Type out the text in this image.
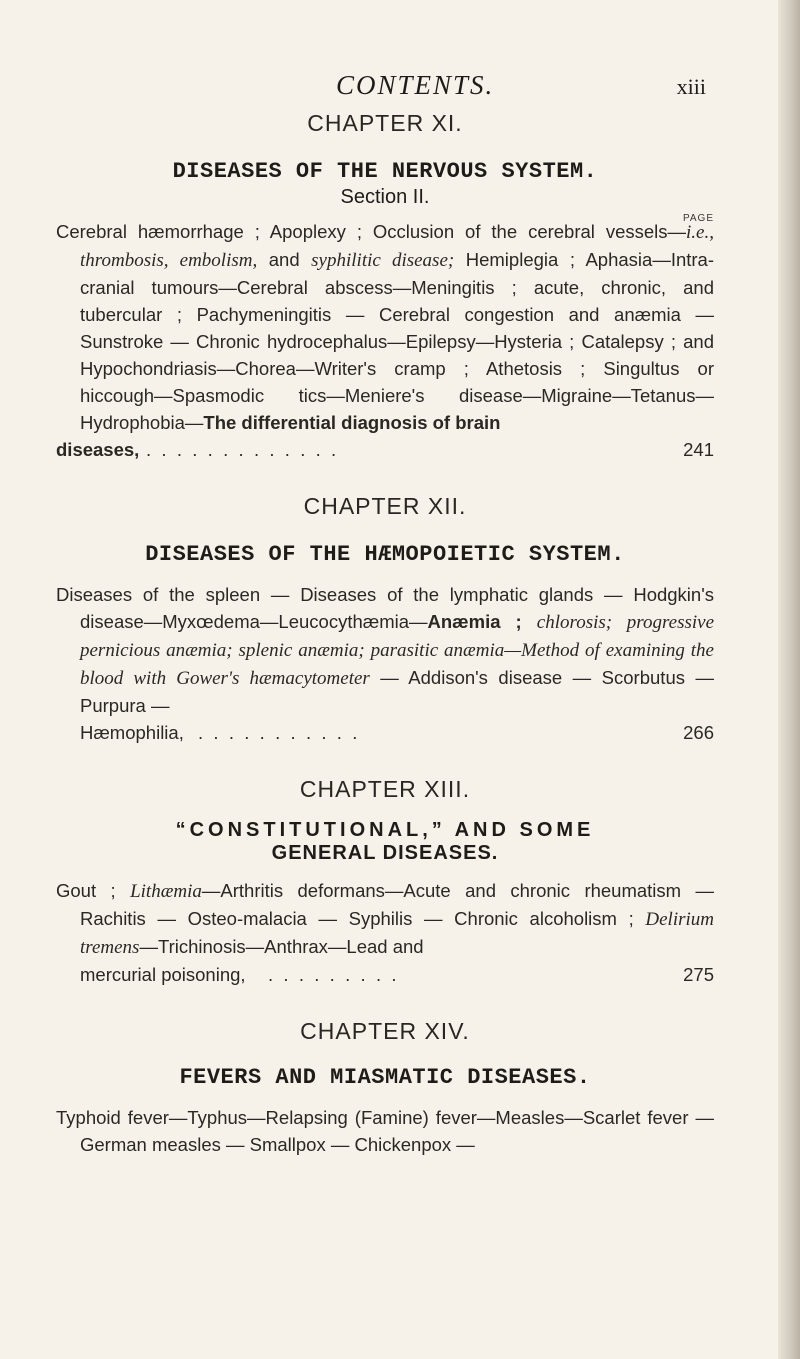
CONTENTS.	xiii

CHAPTER XI.

DISEASES OF THE NERVOUS SYSTEM.

Section II.

PAGE

Cerebral hæmorrhage ; Apoplexy ; Occlusion of the cerebral vessels—i.e., thrombosis, embolism, and syphilitic disease; Hemiplegia ; Aphasia—Intra-cranial tumours—Cerebral abscess—Meningitis ; acute, chronic, and tubercular ; Pachymeningitis — Cerebral congestion and anæmia — Sunstroke — Chronic hydrocephalus—Epilepsy—Hysteria ; Catalepsy ; and Hypochondriasis—Chorea—Writer's cramp ; Athetosis ; Singultus or hiccough—Spasmodic tics—Meniere's disease—Migraine—Tetanus—Hydrophobia—The differential diagnosis of brain

diseases, .  .  .  .  .  .  .  .  .  .  .  .  .	241

CHAPTER XII.

DISEASES OF THE HÆMOPOIETIC SYSTEM.

Diseases of the spleen — Diseases of the lymphatic glands — Hodgkin's disease—Myxœdema—Leucocythæmia—Anæmia ; chlorosis; progressive pernicious anæmia; splenic anæmia; parasitic anæmia—Method of examining the blood with Gower's hæmacytometer — Addison's disease — Scorbutus — Purpura —

Hæmophilia, .  .  .  .  .  .  .  .  .  .  .	266

CHAPTER XIII.

“CONSTITUTIONAL,” AND SOME

GENERAL DISEASES.

Gout ; Lithæmia—Arthritis deformans—Acute and chronic rheumatism — Rachitis — Osteo-malacia — Syphilis — Chronic alcoholism ; Delirium tremens—Trichinosis—Anthrax—Lead and

mercurial poisoning, .  .  .  .  .  .  .  .  .	275

CHAPTER XIV.

FEVERS AND MIASMATIC DISEASES.

Typhoid fever—Typhus—Relapsing (Famine) fever—Measles—Scarlet fever — German measles — Smallpox — Chickenpox —
